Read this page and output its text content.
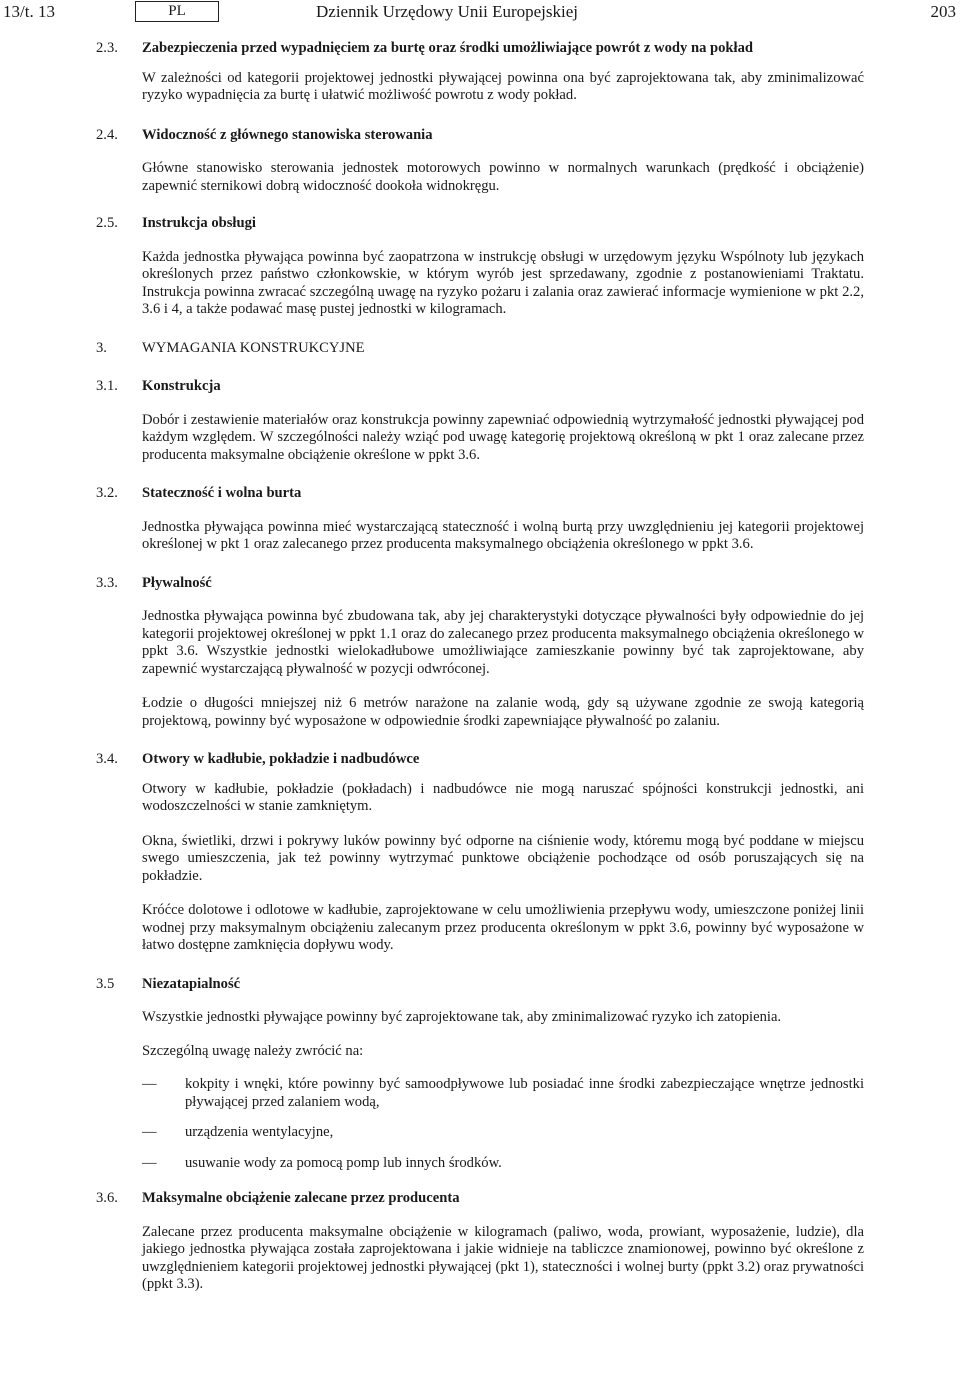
13/t. 13	PL	Dziennik Urzędowy Unii Europejskiej	203
2.3. Zabezpieczenia przed wypadnięciem za burtę oraz środki umożliwiające powrót z wody na pokład

W zależności od kategorii projektowej jednostki pływającej powinna ona być zaprojektowana tak, aby zminimalizować ryzyko wypadnięcia za burtę i ułatwić możliwość powrotu z wody pokład.

2.4. Widoczność z głównego stanowiska sterowania

Główne stanowisko sterowania jednostek motorowych powinno w normalnych warunkach (prędkość i obciążenie) zapewnić sternikowi dobrą widoczność dookoła widnokręgu.

2.5. Instrukcja obsługi

Każda jednostka pływająca powinna być zaopatrzona w instrukcję obsługi w urzędowym języku Wspólnoty lub językach określonych przez państwo członkowskie, w którym wyrób jest sprzedawany, zgodnie z postanowieniami Traktatu. Instrukcja powinna zwracać szczególną uwagę na ryzyko pożaru i zalania oraz zawierać informacje wymienione w pkt 2.2, 3.6 i 4, a także podawać masę pustej jednostki w kilogramach.

3. WYMAGANIA KONSTRUKCYJNE

3.1. Konstrukcja

Dobór i zestawienie materiałów oraz konstrukcja powinny zapewniać odpowiednią wytrzymałość jednostki pływającej pod każdym względem. W szczególności należy wziąć pod uwagę kategorię projektową określoną w pkt 1 oraz zalecane przez producenta maksymalne obciążenie określone w ppkt 3.6.

3.2. Stateczność i wolna burta

Jednostka pływająca powinna mieć wystarczającą stateczność i wolną burtą przy uwzględnieniu jej kategorii projektowej określonej w pkt 1 oraz zalecanego przez producenta maksymalnego obciążenia określonego w ppkt 3.6.

3.3. Pływalność

Jednostka pływająca powinna być zbudowana tak, aby jej charakterystyki dotyczące pływalności były odpowiednie do jej kategorii projektowej określonej w ppkt 1.1 oraz do zalecanego przez producenta maksymalnego obciążenia określonego w ppkt 3.6. Wszystkie jednostki wielokadłubowe umożliwiające zamieszkanie powinny być tak zaprojektowane, aby zapewnić wystarczającą pływalność w pozycji odwróconej.

Łodzie o długości mniejszej niż 6 metrów narażone na zalanie wodą, gdy są używane zgodnie ze swoją kategorią projektową, powinny być wyposażone w odpowiednie środki zapewniające pływalność po zalaniu.

3.4. Otwory w kadłubie, pokładzie i nadbudówce

Otwory w kadłubie, pokładzie (pokładach) i nadbudówce nie mogą naruszać spójności konstrukcji jednostki, ani wodoszczelności w stanie zamkniętym.

Okna, świetliki, drzwi i pokrywy luków powinny być odporne na ciśnienie wody, któremu mogą być poddane w miejscu swego umieszczenia, jak też powinny wytrzymać punktowe obciążenie pochodzące od osób poruszających się na pokładzie.

Króćce dolotowe i odlotowe w kadłubie, zaprojektowane w celu umożliwienia przepływu wody, umieszczone poniżej linii wodnej przy maksymalnym obciążeniu zalecanym przez producenta określonym w ppkt 3.6, powinny być wyposażone w łatwo dostępne zamknięcia dopływu wody.

3.5 Niezatapialność

Wszystkie jednostki pływające powinny być zaprojektowane tak, aby zminimalizować ryzyko ich zatopienia.

Szczególną uwagę należy zwrócić na:

— kokpity i wnęki, które powinny być samoodpływowe lub posiadać inne środki zabezpieczające wnętrze jednostki pływającej przed zalaniem wodą,
— urządzenia wentylacyjne,
— usuwanie wody za pomocą pomp lub innych środków.
3.6. Maksymalne obciążenie zalecane przez producenta

Zalecane przez producenta maksymalne obciążenie w kilogramach (paliwo, woda, prowiant, wyposażenie, ludzie), dla jakiego jednostka pływająca została zaprojektowana i jakie widnieje na tabliczce znamionowej, powinno być określone z uwzględnieniem kategorii projektowej jednostki pływającej (pkt 1), stateczności i wolnej burty (ppkt 3.2) oraz prywatności (ppkt 3.3).
